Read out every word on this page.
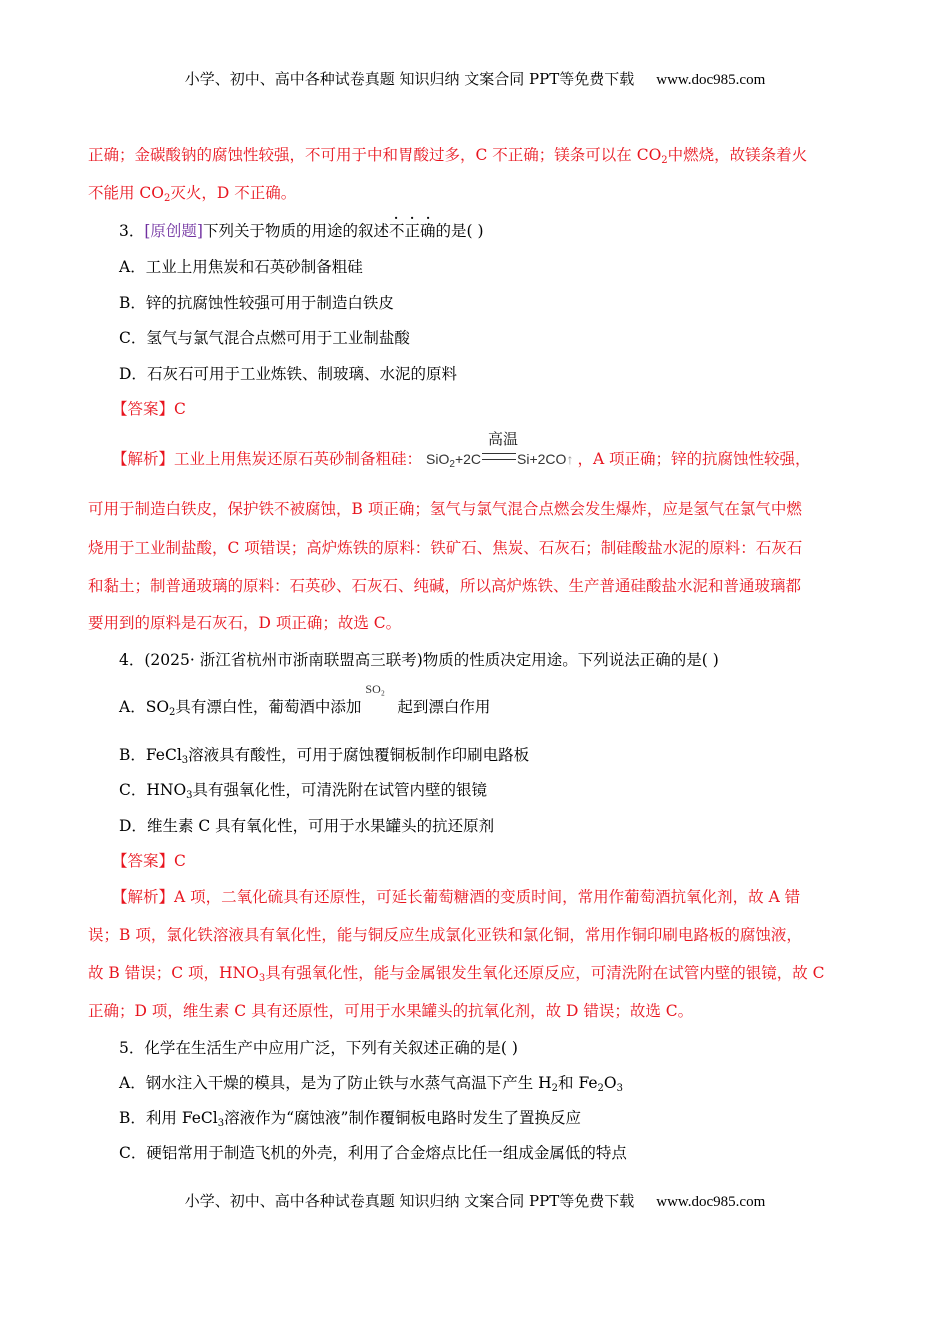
小学、初中、高中各种试卷真题 知识归纳 文案合同 PPT等免费下载 www.doc985.com
正确；金碳酸钠的腐蚀性较强，不可用于中和胃酸过多，C 不正确；镁条可以在 $CO_2$中燃烧，故镁条着火
不能用 $CO_2$灭火，D 不正确。
3．[原创题]下列关于物质的用途的叙述不正确
· · ·
的是( )
A．工业上用焦炭和石英砂制备粗硅
B．锌的抗腐蚀性较强可用于制造白铁皮
C．氢气与氯气混合点燃可用于工业制盐酸
D．石灰石可用于工业炼铁、制玻璃、水泥的原料
【答案】C
【解析】工业上用焦炭还原石英砂制备粗硅： SiO$_2$+2C
高温
Si+2CO↑ ，A 项正确；锌的抗腐蚀性较强，
可用于制造白铁皮，保护铁不被腐蚀，B 项正确；氢气与氯气混合点燃会发生爆炸，应是氢气在氯气中燃
烧用于工业制盐酸，C 项错误；高炉炼铁的原料：铁矿石、焦炭、石灰石；制硅酸盐水泥的原料：石灰石
和黏土；制普通玻璃的原料：石英砂、石灰石、纯碱，所以高炉炼铁、生产普通硅酸盐水泥和普通玻璃都
要用到的原料是石灰石，D 项正确；故选 C。
4．(2025· 浙江省杭州市浙南联盟高三联考)物质的性质决定用途。下列说法正确的是( )
A．$SO_2$具有漂白性，葡萄酒中添加
SO₂
起到漂白作用
B．FeCl$_3$溶液具有酸性，可用于腐蚀覆铜板制作印刷电路板
C．$HNO_3$具有强氧化性，可清洗附在试管内壁的银镜
D．维生素 C 具有氧化性，可用于水果罐头的抗还原剂
【答案】C
【解析】A 项，二氧化硫具有还原性，可延长葡萄糖酒的变质时间，常用作葡萄酒抗氧化剂，故 A 错
误；B 项，氯化铁溶液具有氧化性，能与铜反应生成氯化亚铁和氯化铜，常用作铜印刷电路板的腐蚀液，
故 B 错误；C 项，$HNO_3$具有强氧化性，能与金属银发生氧化还原反应，可清洗附在试管内壁的银镜，故 C
正确；D 项，维生素 C 具有还原性，可用于水果罐头的抗氧化剂，故 D 错误；故选 C。
5．化学在生活生产中应用广泛，下列有关叙述正确的是( )
A．钢水注入干燥的模具，是为了防止铁与水蒸气高温下产生 $H_2$和 $Fe_2O_3$
B．利用 FeCl$_3$溶液作为“腐蚀液”制作覆铜板电路时发生了置换反应
C．硬铝常用于制造飞机的外壳，利用了合金熔点比任一组成金属低的特点
小学、初中、高中各种试卷真题 知识归纳 文案合同 PPT等免费下载 www.doc985.com
